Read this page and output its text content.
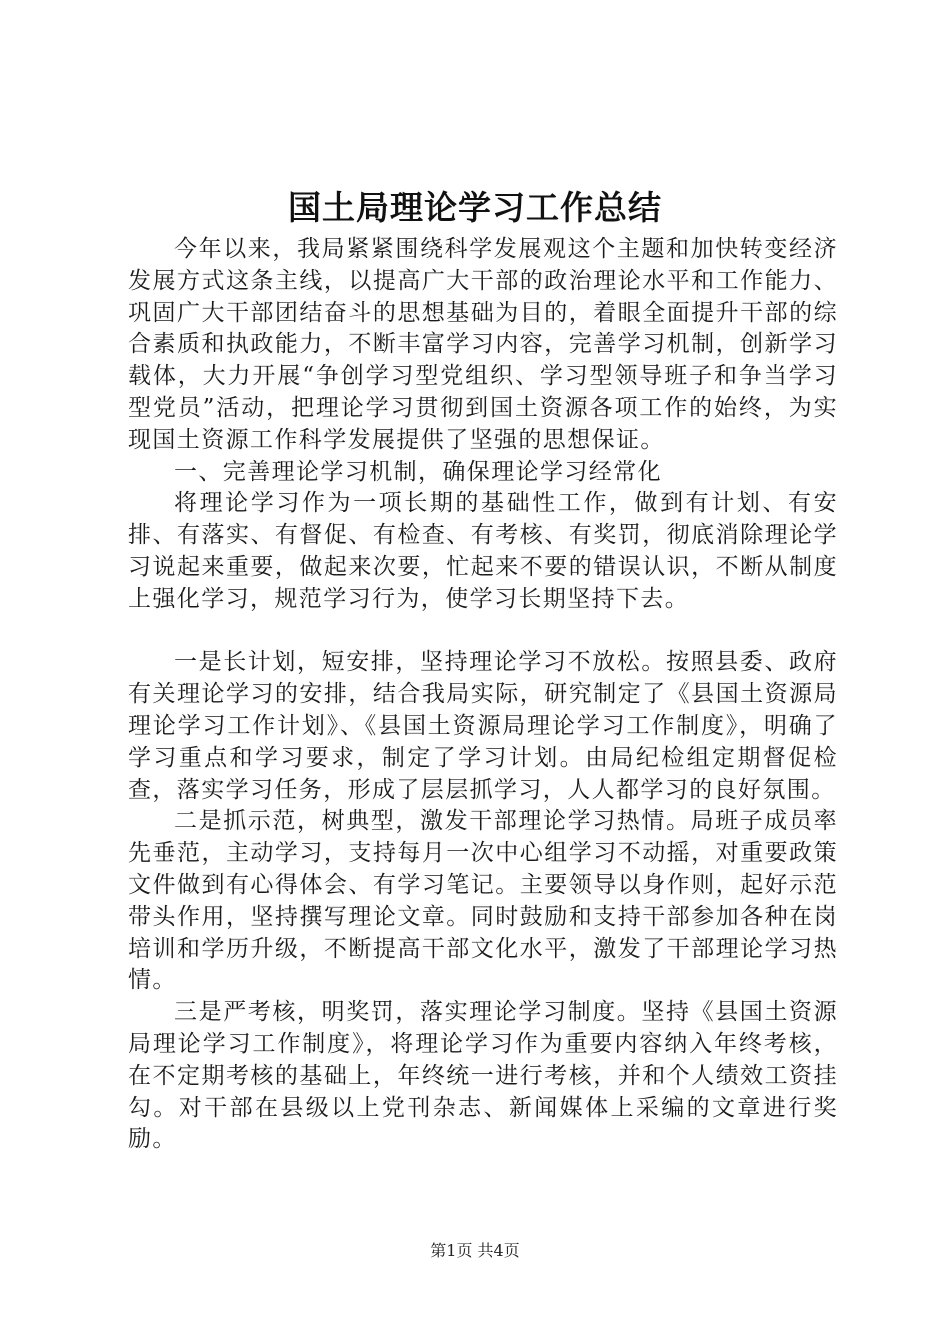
国土局理论学习工作总结

今年以来，我局紧紧围绕科学发展观这个主题和加快转变经济发展方式这条主线，以提高广大干部的政治理论水平和工作能力、巩固广大干部团结奋斗的思想基础为目的，着眼全面提升干部的综合素质和执政能力，不断丰富学习内容，完善学习机制，创新学习载体，大力开展“争创学习型党组织、学习型领导班子和争当学习型党员”活动，把理论学习贯彻到国土资源各项工作的始终，为实现国土资源工作科学发展提供了坚强的思想保证。

一、完善理论学习机制，确保理论学习经常化

将理论学习作为一项长期的基础性工作，做到有计划、有安排、有落实、有督促、有检查、有考核、有奖罚，彻底消除理论学习说起来重要，做起来次要，忙起来不要的错误认识，不断从制度上强化学习，规范学习行为，使学习长期坚持下去。

一是长计划，短安排，坚持理论学习不放松。按照县委、政府有关理论学习的安排，结合我局实际，研究制定了《县国土资源局理论学习工作计划》、《县国土资源局理论学习工作制度》，明确了学习重点和学习要求，制定了学习计划。由局纪检组定期督促检查，落实学习任务，形成了层层抓学习，人人都学习的良好氛围。

二是抓示范，树典型，激发干部理论学习热情。局班子成员率先垂范，主动学习，支持每月一次中心组学习不动摇，对重要政策文件做到有心得体会、有学习笔记。主要领导以身作则，起好示范带头作用，坚持撰写理论文章。同时鼓励和支持干部参加各种在岗培训和学历升级，不断提高干部文化水平，激发了干部理论学习热情。

三是严考核，明奖罚，落实理论学习制度。坚持《县国土资源局理论学习工作制度》，将理论学习作为重要内容纳入年终考核，在不定期考核的基础上，年终统一进行考核，并和个人绩效工资挂勾。对干部在县级以上党刊杂志、新闻媒体上采编的文章进行奖励。

第1页 共4页
